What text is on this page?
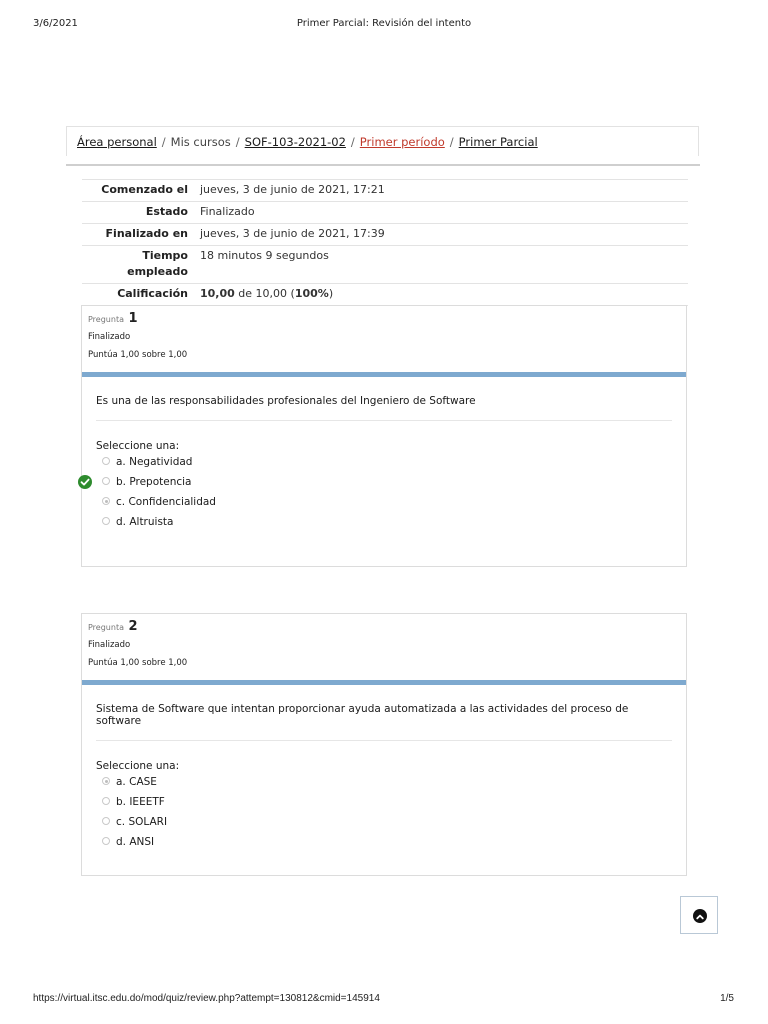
3/6/2021	Primer Parcial: Revisión del intento
Área personal / Mis cursos / SOF-103-2021-02 / Primer período / Primer Parcial
Comenzado el	jueves, 3 de junio de 2021, 17:21
Estado	Finalizado
Finalizado en	jueves, 3 de junio de 2021, 17:39
Tiempo
empleado	18 minutos 9 segundos
Calificación	10,00 de 10,00 (100%)
Pregunta 1
Finalizado
Puntúa 1,00 sobre 1,00
Es una de las responsabilidades profesionales del Ingeniero de Software
Seleccione una:
a. Negatividad
b. Prepotencia
c. Confidencialidad
d. Altruista
Pregunta 2
Finalizado
Puntúa 1,00 sobre 1,00
Sistema de Software que intentan proporcionar ayuda automatizada a las actividades del proceso de software
Seleccione una:
a. CASE
b. IEEETF
c. SOLARI
d. ANSI
https://virtual.itsc.edu.do/mod/quiz/review.php?attempt=130812&cmid=145914	1/5
